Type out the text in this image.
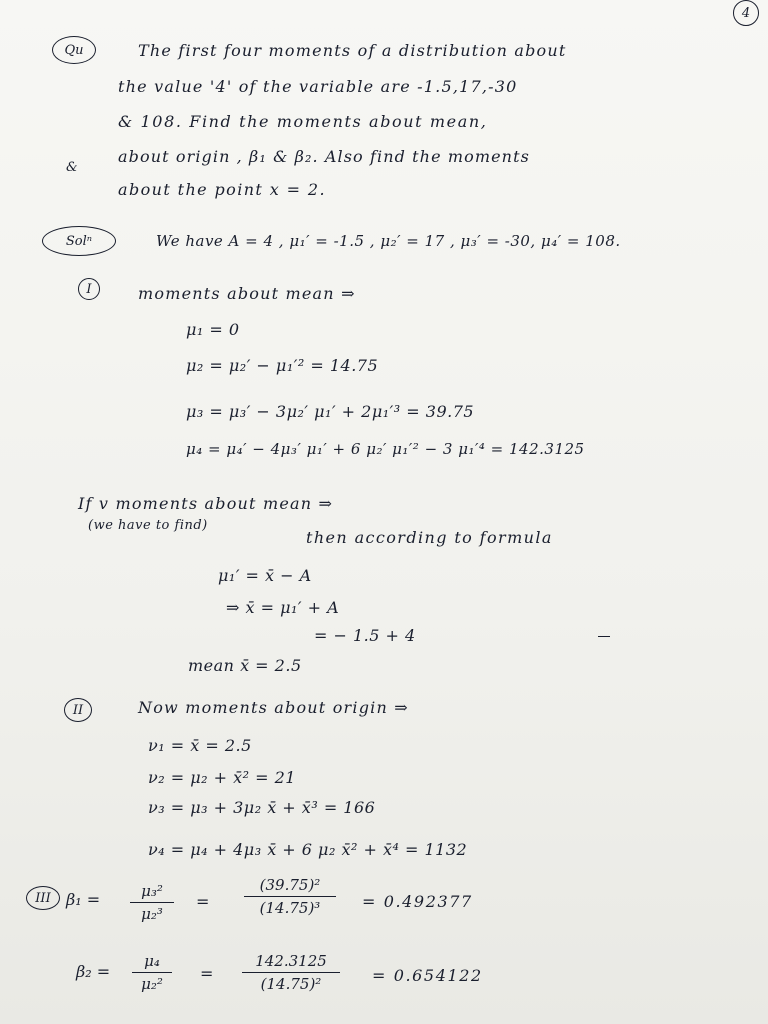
4
Qu	The first four moments of a distribution about
the value '4' of the variable are -1.5,17,-30
& 108. Find the moments about mean,
&
about origin , β₁ & β₂. Also find the moments
about the point x = 2.
Solⁿ	We have A = 4 , μ₁′ = -1.5 , μ₂′ = 17 , μ₃′ = -30, μ₄′ = 108.
I	moments about mean ⇒
μ₁ = 0
μ₂ = μ₂′ − μ₁′² = 14.75
μ₃ = μ₃′ − 3μ₂′ μ₁′ + 2μ₁′³ = 39.75
μ₄ = μ₄′ − 4μ₃′ μ₁′ + 6 μ₂′ μ₁′² − 3 μ₁′⁴ = 142.3125
If v moments about mean ⇒
(we have to find)
then according to formula
μ₁′ = x̄ − A
⇒ x̄ = μ₁′ + A
= − 1.5 + 4
mean x̄ = 2.5
II	Now moments about origin ⇒
ν₁ = x̄ = 2.5
ν₂ = μ₂ + x̄² = 21
ν₃ = μ₃ + 3μ₂ x̄ + x̄³ = 166
ν₄ = μ₄ + 4μ₃ x̄ + 6 μ₂ x̄² + x̄⁴ = 1132
III β₁ =	μ₃²
μ₂³
=
(39.75)²
(14.75)³	= 0.492377
β₂ =
μ₄
μ₂²
=
142.3125
(14.75)²	= 0.654122
